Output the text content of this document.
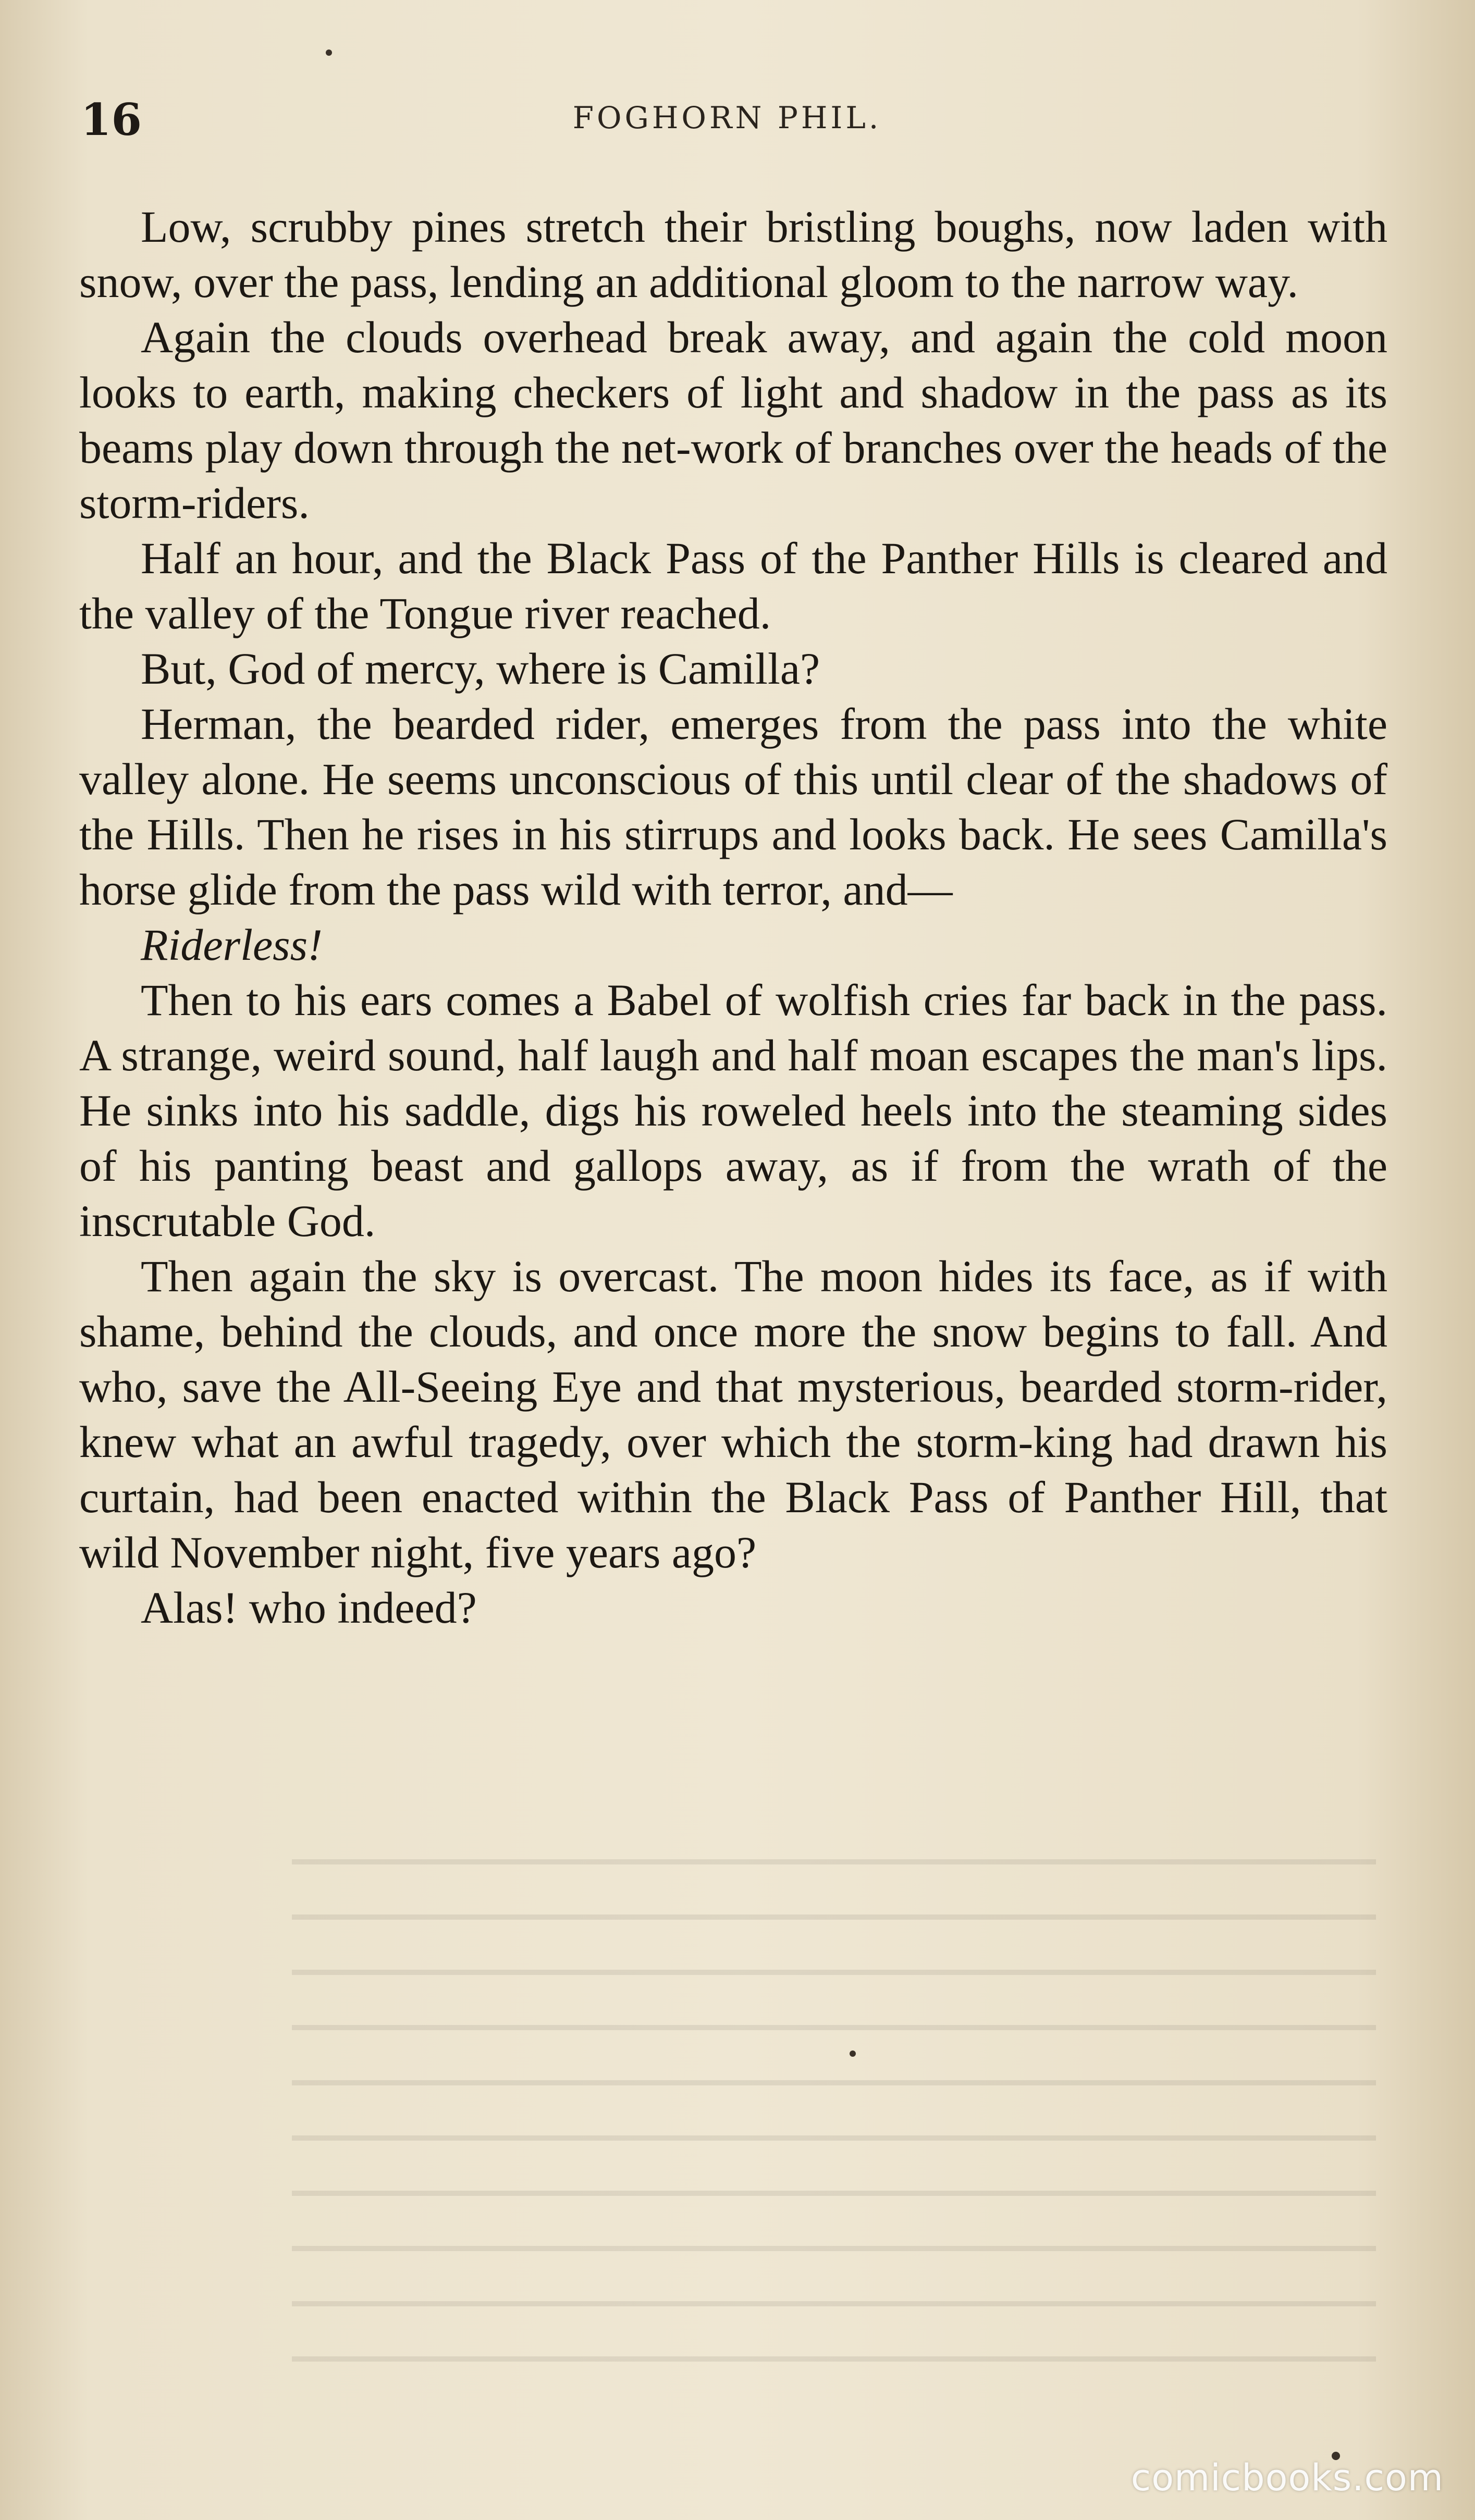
16	FOGHORN PHIL.

Low, scrubby pines stretch their bristling boughs, now laden with snow, over the pass, lending an additional gloom to the narrow way.

Again the clouds overhead break away, and again the cold moon looks to earth, making checkers of light and shadow in the pass as its beams play down through the net-work of branches over the heads of the storm-riders.

Half an hour, and the Black Pass of the Panther Hills is cleared and the valley of the Tongue river reached.

But, God of mercy, where is Camilla?

Herman, the bearded rider, emerges from the pass into the white valley alone. He seems unconscious of this until clear of the shadows of the Hills. Then he rises in his stirrups and looks back. He sees Camilla's horse glide from the pass wild with terror, and—

Riderless!

Then to his ears comes a Babel of wolfish cries far back in the pass. A strange, weird sound, half laugh and half moan escapes the man's lips. He sinks into his saddle, digs his roweled heels into the steaming sides of his panting beast and gallops away, as if from the wrath of the inscrutable God.

Then again the sky is overcast. The moon hides its face, as if with shame, behind the clouds, and once more the snow begins to fall. And who, save the All-Seeing Eye and that mysterious, bearded storm-rider, knew what an awful tragedy, over which the storm-king had drawn his curtain, had been enacted within the Black Pass of Panther Hill, that wild November night, five years ago?

Alas! who indeed?

comicbooks.com
